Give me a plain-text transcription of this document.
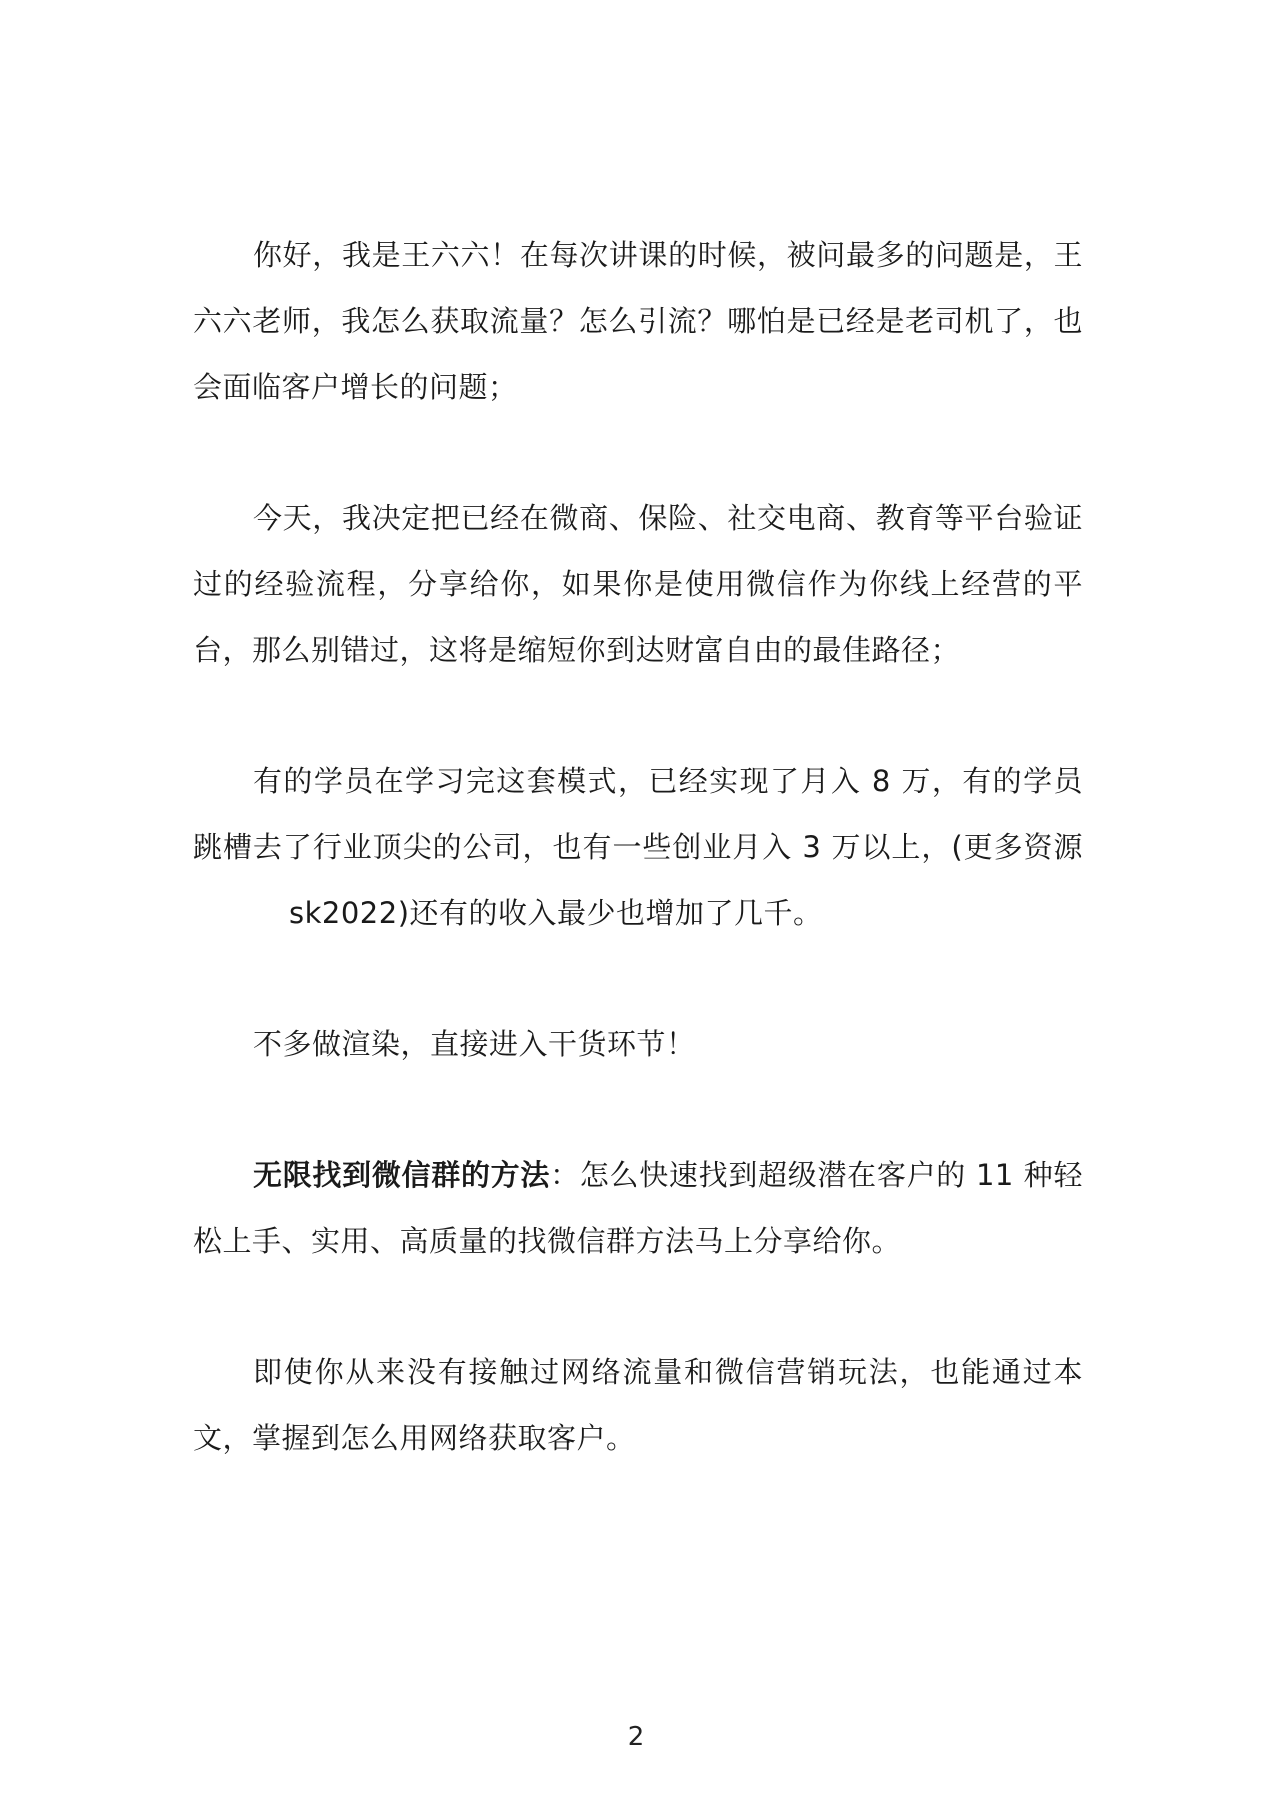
你好，我是王六六！在每次讲课的时候，被问最多的问题是，王六六老师，我怎么获取流量？怎么引流？哪怕是已经是老司机了，也会面临客户增长的问题；

今天，我决定把已经在微商、保险、社交电商、教育等平台验证过的经验流程，分享给你，如果你是使用微信作为你线上经营的平台，那么别错过，这将是缩短你到达财富自由的最佳路径；

有的学员在学习完这套模式，已经实现了月入 8 万，有的学员跳槽去了行业顶尖的公司，也有一些创业月入 3 万以上，(更多资源sk2022)还有的收入最少也增加了几千。

不多做渲染，直接进入干货环节！

无限找到微信群的方法：怎么快速找到超级潜在客户的 11 种轻松上手、实用、高质量的找微信群方法马上分享给你。

即使你从来没有接触过网络流量和微信营销玩法，也能通过本文，掌握到怎么用网络获取客户。

2
